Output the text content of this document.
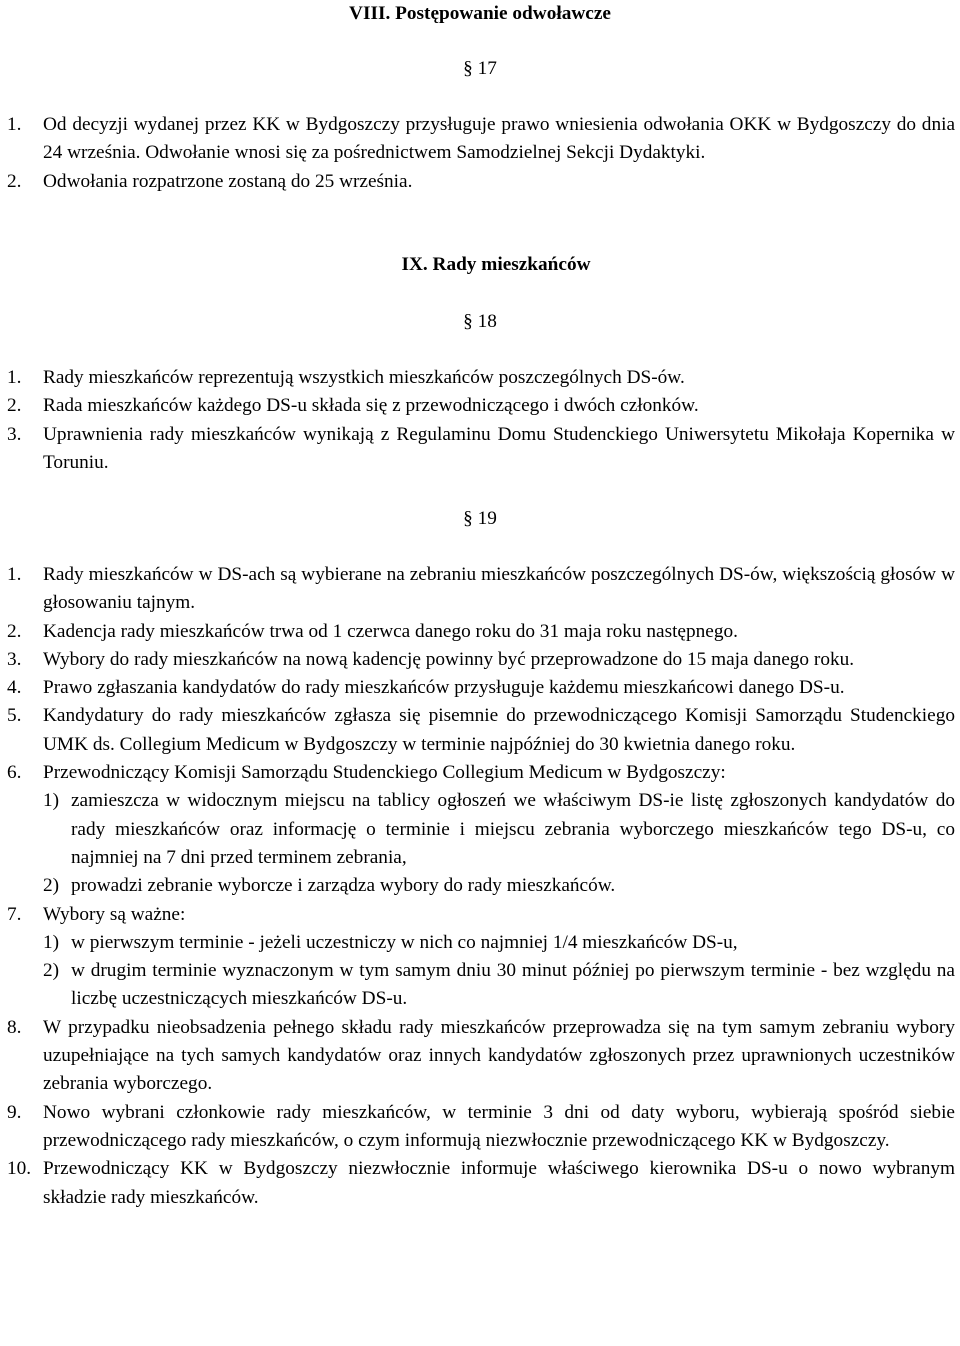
VIII. Postępowanie odwoławcze
§ 17
1.	Od decyzji wydanej przez KK w Bydgoszczy przysługuje prawo wniesienia odwołania OKK w Bydgoszczy do dnia 24 września. Odwołanie wnosi się za pośrednictwem Samodzielnej Sekcji Dydaktyki.
2.	Odwołania rozpatrzone zostaną do 25 września.
IX. Rady mieszkańców
§ 18
1.	Rady mieszkańców reprezentują wszystkich mieszkańców poszczególnych DS-ów.
2.	Rada mieszkańców każdego DS-u składa się z przewodniczącego i dwóch członków.
3.	Uprawnienia rady mieszkańców wynikają z Regulaminu Domu Studenckiego Uniwersytetu Mikołaja Kopernika w Toruniu.
§ 19
1.	Rady mieszkańców w DS-ach są wybierane na zebraniu mieszkańców poszczególnych DS-ów, większością głosów w głosowaniu tajnym.
2.	Kadencja rady mieszkańców trwa od 1 czerwca danego roku do 31 maja roku następnego.
3.	Wybory do rady mieszkańców na nową kadencję powinny być przeprowadzone do 15 maja danego roku.
4.	Prawo zgłaszania kandydatów do rady mieszkańców przysługuje każdemu mieszkańcowi danego DS-u.
5.	Kandydatury do rady mieszkańców zgłasza się pisemnie do przewodniczącego Komisji Samorządu Studenckiego UMK ds. Collegium Medicum w Bydgoszczy w terminie najpóźniej do 30 kwietnia danego roku.
6.	Przewodniczący Komisji Samorządu Studenckiego Collegium Medicum w Bydgoszczy:
1) zamieszcza w widocznym miejscu na tablicy ogłoszeń we właściwym DS-ie listę zgłoszonych kandydatów do rady mieszkańców oraz informację o terminie i miejscu zebrania wyborczego mieszkańców tego DS-u, co najmniej na 7 dni przed terminem zebrania,
2) prowadzi zebranie wyborcze i zarządza wybory do rady mieszkańców.
7.	Wybory są ważne:
1) w pierwszym terminie - jeżeli uczestniczy w nich co najmniej 1/4 mieszkańców DS-u,
2) w drugim terminie wyznaczonym w tym samym dniu 30 minut później po pierwszym terminie - bez względu na liczbę uczestniczących mieszkańców DS-u.
8.	W przypadku nieobsadzenia pełnego składu rady mieszkańców przeprowadza się na tym samym zebraniu wybory uzupełniające na tych samych kandydatów oraz innych kandydatów zgłoszonych przez uprawnionych uczestników zebrania wyborczego.
9.	Nowo wybrani członkowie rady mieszkańców, w terminie 3 dni od daty wyboru, wybierają spośród siebie przewodniczącego rady mieszkańców, o czym informują niezwłocznie przewodniczącego KK w Bydgoszczy.
10. Przewodniczący KK w Bydgoszczy niezwłocznie informuje właściwego kierownika DS-u o nowo wybranym składzie rady mieszkańców.
